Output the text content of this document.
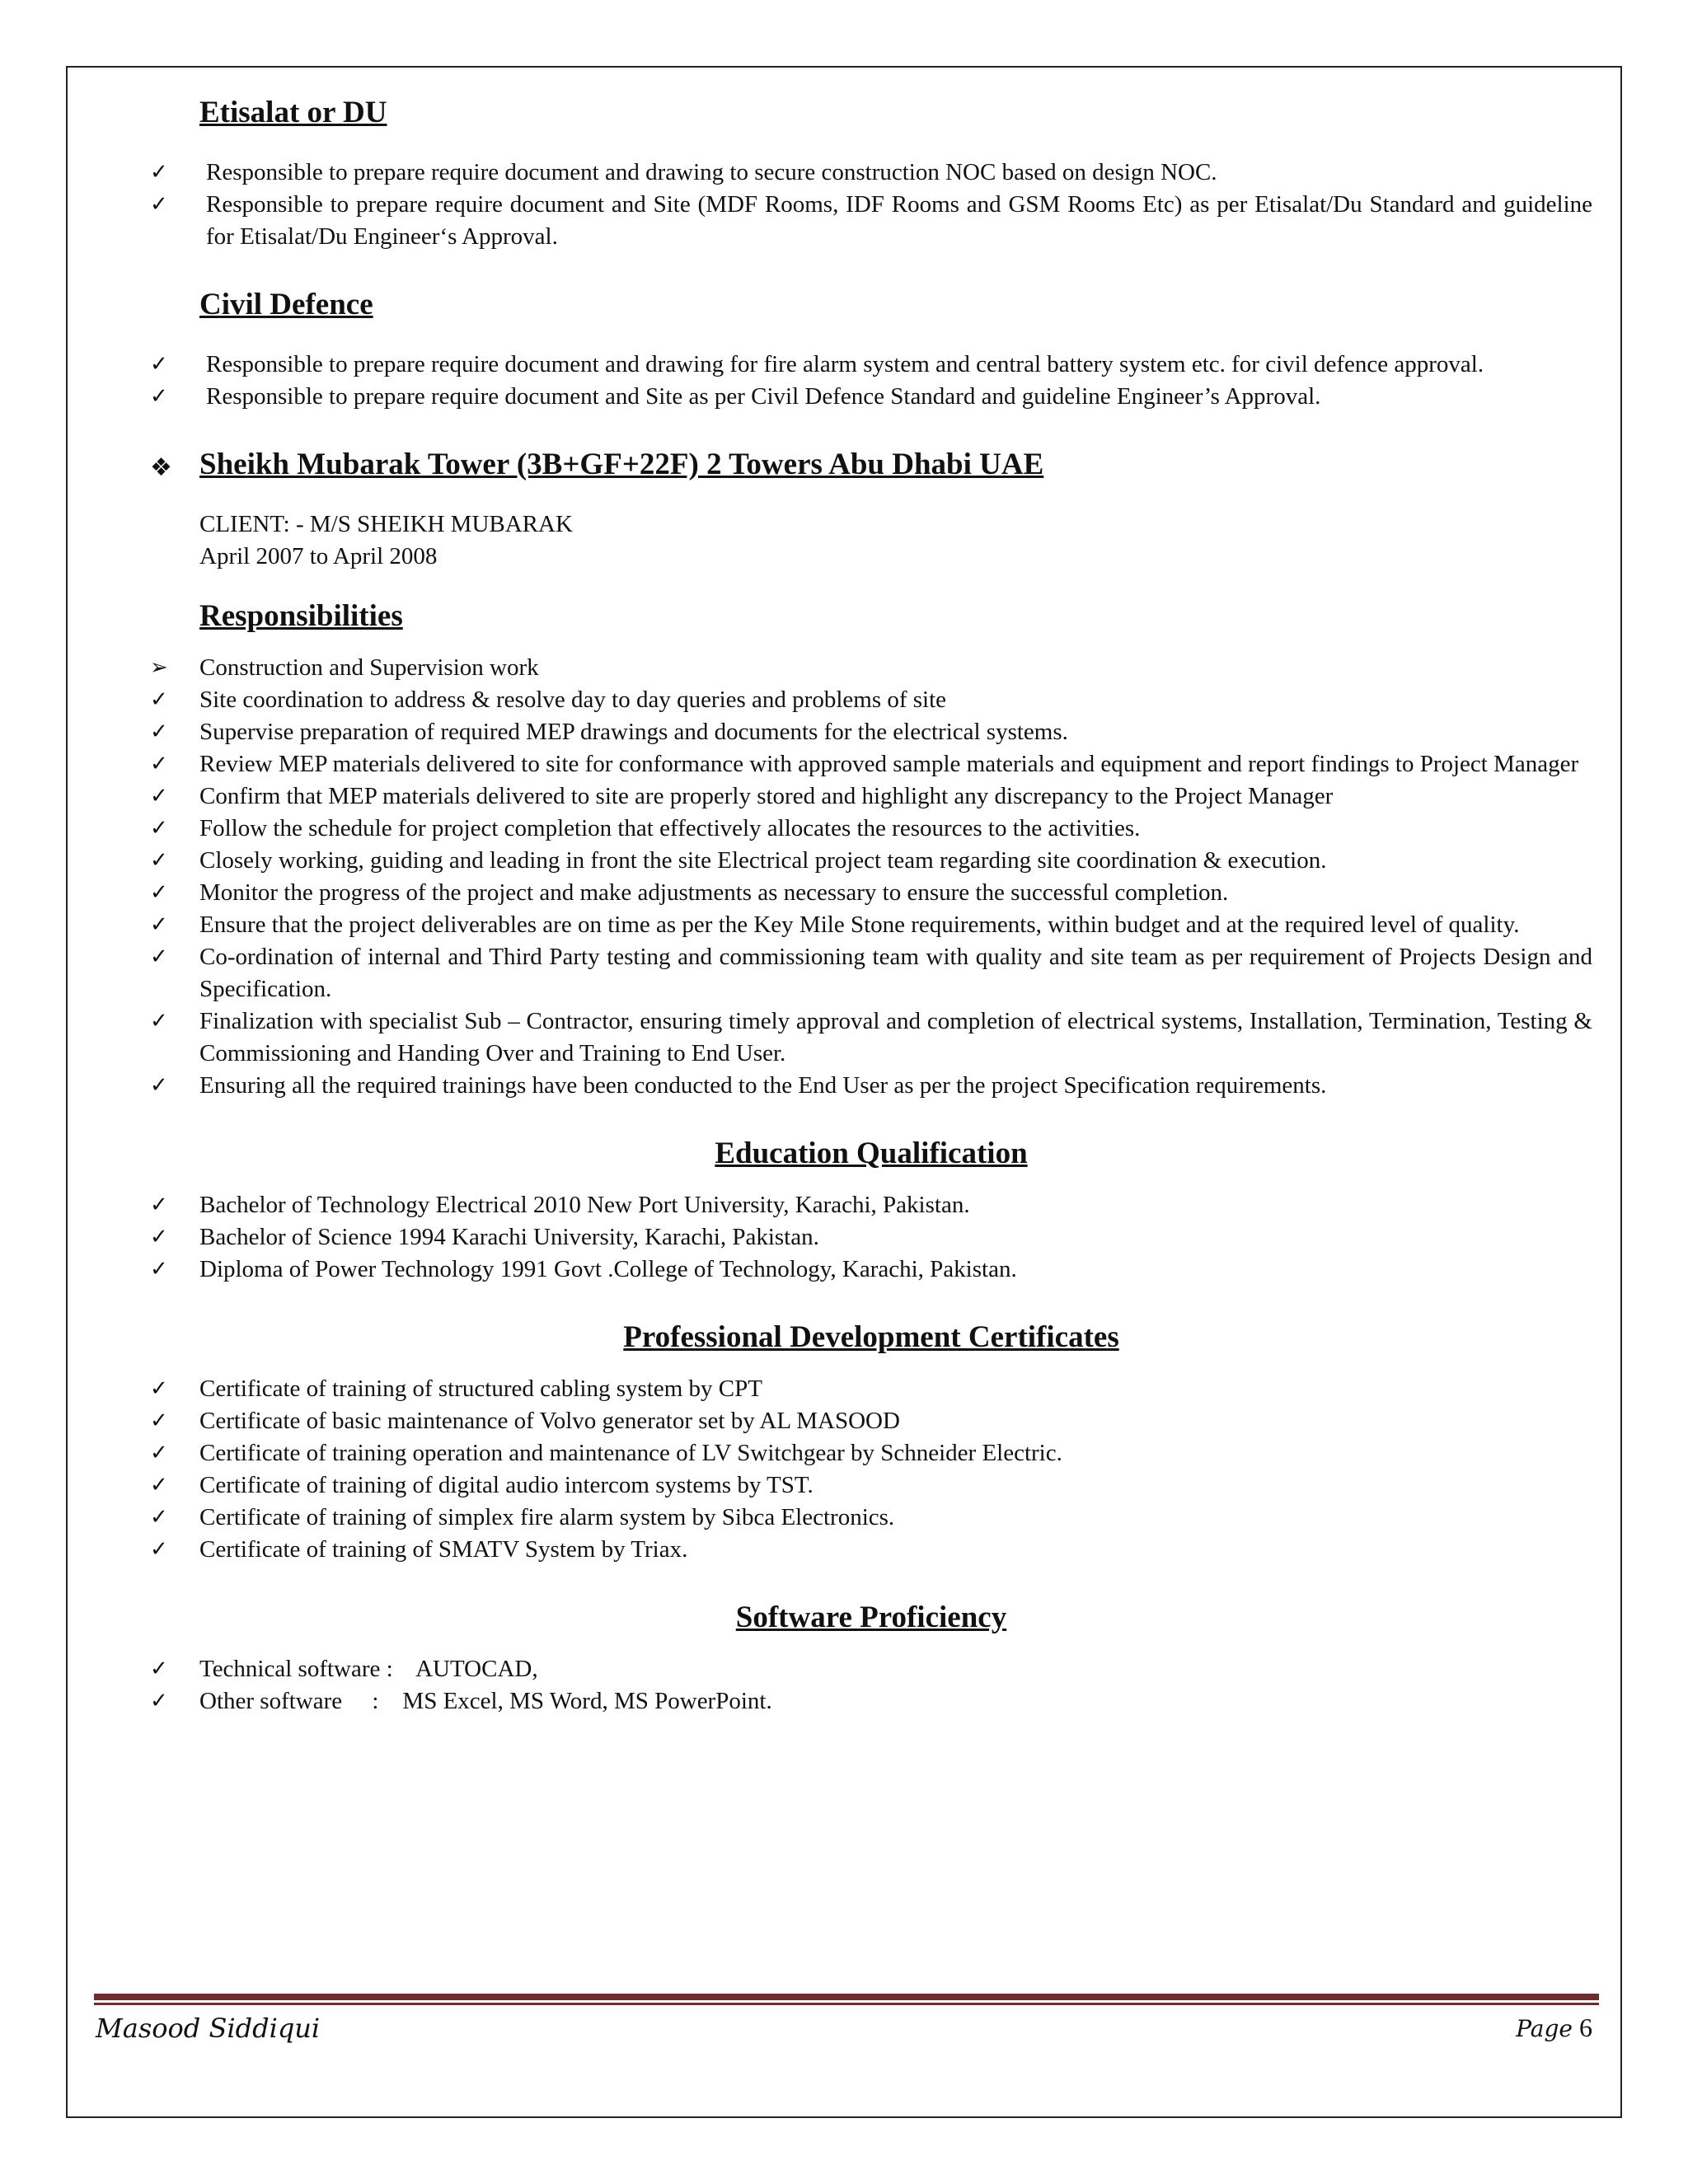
Etisalat or DU
✓	Responsible to prepare require document and drawing to secure construction NOC based on design NOC.
✓	Responsible to prepare require document and Site (MDF Rooms, IDF Rooms and GSM Rooms Etc) as per Etisalat/Du Standard and guideline for Etisalat/Du Engineer‘s Approval.
Civil Defence
✓	Responsible to prepare require document and drawing for fire alarm system and central battery system etc. for civil defence approval.
✓	Responsible to prepare require document and Site as per Civil Defence Standard and guideline Engineer’s Approval.
❖ Sheikh Mubarak Tower (3B+GF+22F) 2 Towers Abu Dhabi UAE
CLIENT: - M/S SHEIKH MUBARAK
April 2007 to April 2008
Responsibilities
➢	Construction and Supervision work
✓	Site coordination to address & resolve day to day queries and problems of site
✓	Supervise preparation of required MEP drawings and documents for the electrical systems.
✓	Review MEP materials delivered to site for conformance with approved sample materials and equipment and report findings to Project Manager
✓	Confirm that MEP materials delivered to site are properly stored and highlight any discrepancy to the Project Manager
✓	Follow the schedule for project completion that effectively allocates the resources to the activities.
✓	Closely working, guiding and leading in front the site Electrical project team regarding site coordination & execution.
✓	Monitor the progress of the project and make adjustments as necessary to ensure the successful completion.
✓	Ensure that the project deliverables are on time as per the Key Mile Stone requirements, within budget and at the required level of quality.
✓	Co-ordination of internal and Third Party testing and commissioning team with quality and site team as per requirement of Projects Design and Specification.
✓	Finalization with specialist Sub – Contractor, ensuring timely approval and completion of electrical systems, Installation, Termination, Testing & Commissioning and Handing Over and Training to End User.
✓	Ensuring all the required trainings have been conducted to the End User as per the project Specification requirements.
Education Qualification
✓	Bachelor of Technology Electrical 2010 New Port University, Karachi, Pakistan.
✓	Bachelor of Science 1994 Karachi University, Karachi, Pakistan.
✓	Diploma of Power Technology 1991 Govt .College of Technology, Karachi, Pakistan.
Professional Development Certificates
✓	Certificate of training of structured cabling system by CPT
✓	Certificate of basic maintenance of Volvo generator set by AL MASOOD
✓	Certificate of training operation and maintenance of LV Switchgear by Schneider Electric.
✓	Certificate of training of digital audio intercom systems by TST.
✓	Certificate of training of simplex fire alarm system by Sibca Electronics.
✓	Certificate of training of SMATV System by Triax.
Software Proficiency
✓	Technical software :    AUTOCAD,
✓	Other software     :    MS Excel, MS Word, MS PowerPoint.
Masood Siddiqui	Page 6
